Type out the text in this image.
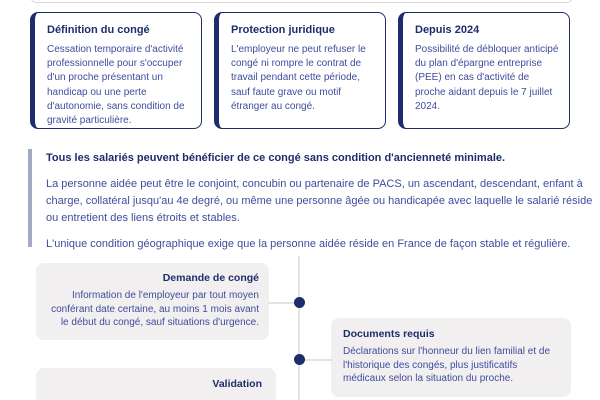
Définition du congé
Cessation temporaire d'activité professionnelle pour s'occuper d'un proche présentant un handicap ou une perte d'autonomie, sans condition de gravité particulière.
Protection juridique
L'employeur ne peut refuser le congé ni rompre le contrat de travail pendant cette période, sauf faute grave ou motif étranger au congé.
Depuis 2024
Possibilité de débloquer anticipé du plan d'épargne entreprise (PEE) en cas d'activité de proche aidant depuis le 7 juillet 2024.

Tous les salariés peuvent bénéficier de ce congé sans condition d'ancienneté minimale.

La personne aidée peut être le conjoint, concubin ou partenaire de PACS, un ascendant, descendant, enfant à charge, collatéral jusqu'au 4e degré, ou même une personne âgée ou handicapée avec laquelle le salarié réside ou entretient des liens étroits et stables.

L'unique condition géographique exige que la personne aidée réside en France de façon stable et régulière.

Demande de congé
Information de l'employeur par tout moyen conférant date certaine, au moins 1 mois avant le début du congé, sauf situations d'urgence.
Documents requis
Déclarations sur l'honneur du lien familial et de l'historique des congés, plus justificatifs médicaux selon la situation du proche.
Validation
